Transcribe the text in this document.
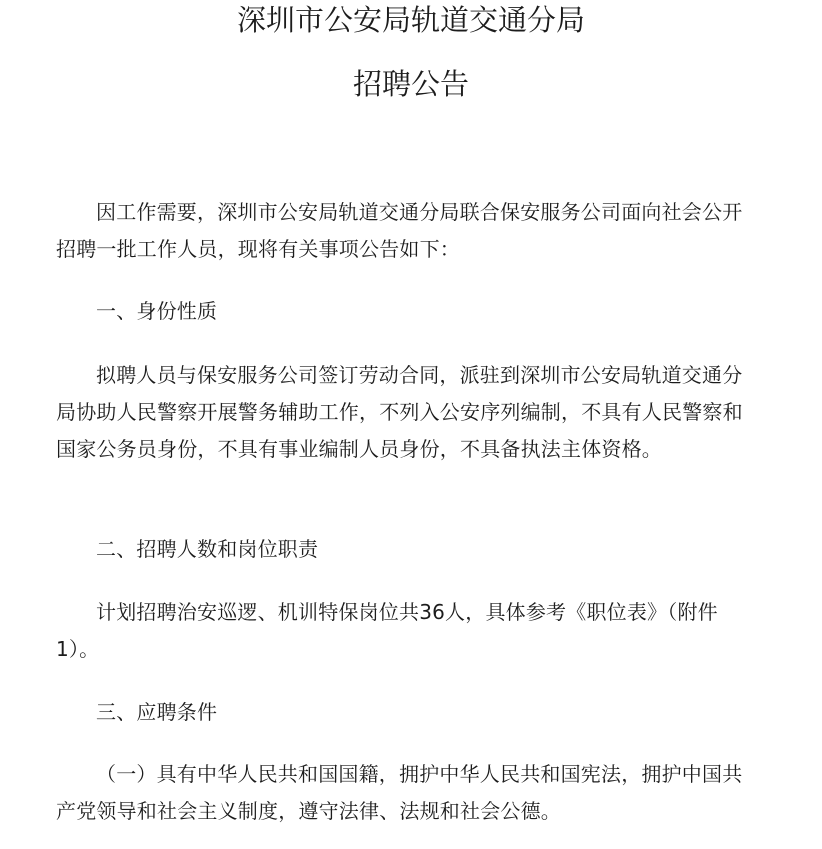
深圳市公安局轨道交通分局
招聘公告

因工作需要，深圳市公安局轨道交通分局联合保安服务公司面向社会公开招聘一批工作人员，现将有关事项公告如下：

一、身份性质

拟聘人员与保安服务公司签订劳动合同，派驻到深圳市公安局轨道交通分局协助人民警察开展警务辅助工作，不列入公安序列编制，不具有人民警察和国家公务员身份，不具有事业编制人员身份，不具备执法主体资格。

二、招聘人数和岗位职责

计划招聘治安巡逻、机训特保岗位共36人，具体参考《职位表》（附件1）。

三、应聘条件

（一）具有中华人民共和国国籍，拥护中华人民共和国宪法，拥护中国共产党领导和社会主义制度，遵守法律、法规和社会公德。
